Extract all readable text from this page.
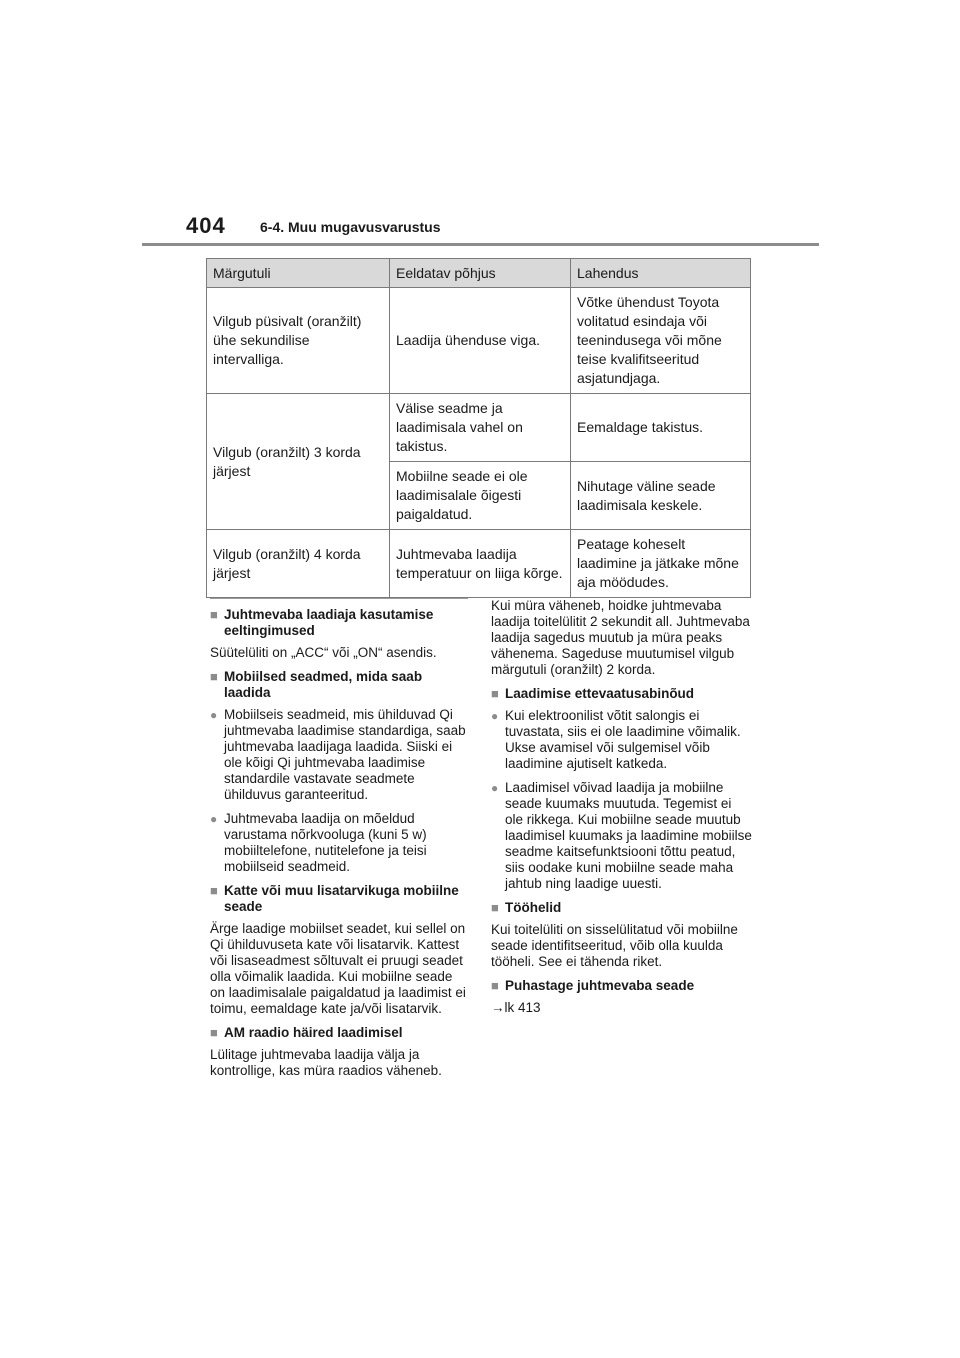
404 6-4. Muu mugavusvarustus
Märgutuli	Eeldatav põhjus	Lahendus
Vilgub püsivalt (oranžilt) ühe sekundilise intervalliga.	Laadija ühenduse viga.	Võtke ühendust Toyota volitatud esindaja või teenindusega või mõne teise kvalifitseeritud asjatundjaga.
Vilgub (oranžilt) 3 korda järjest	Välise seadme ja laadimisala vahel on takistus.	Eemaldage takistus.
	Mobiilne seade ei ole laadimisalale õigesti paigaldatud.	Nihutage väline seade laadimisala keskele.
Vilgub (oranžilt) 4 korda järjest	Juhtmevaba laadija temperatuur on liiga kõrge.	Peatage koheselt laadimine ja jätkake mõne aja möödudes.
■ Juhtmevaba laadiaja kasutamise eeltingimused

Süütelüliti on „ACC“ või „ON“ asendis.

■ Mobiilsed seadmed, mida saab laadida
● Mobiilseis seadmeid, mis ühilduvad Qi juhtmevaba laadimise standardiga, saab juhtmevaba laadijaga laadida. Siiski ei ole kõigi Qi juhtmevaba laadimise standardile vastavate seadmete ühilduvus garanteeritud.
● Juhtmevaba laadija on mõeldud varustama nõrkvooluga (kuni 5 w) mobiiltelefone, nutitelefone ja teisi mobiilseid seadmeid.
■ Katte või muu lisatarvikuga mobiilne seade

Ärge laadige mobiilset seadet, kui sellel on Qi ühilduvuseta kate või lisatarvik. Kattest või lisaseadmest sõltuvalt ei pruugi seadet olla võimalik laadida. Kui mobiilne seade on laadimisalale paigaldatud ja laadimist ei toimu, eemaldage kate ja/või lisatarvik.

■ AM raadio häired laadimisel

Lülitage juhtmevaba laadija välja ja kontrollige, kas müra raadios väheneb.

Kui müra väheneb, hoidke juhtmevaba laadija toitelülitit 2 sekundit all. Juhtmevaba laadija sagedus muutub ja müra peaks vähenema. Sageduse muutumisel vilgub märgutuli (oranžilt) 2 korda.

■ Laadimise ettevaatusabinõud
● Kui elektroonilist võtit salongis ei tuvastata, siis ei ole laadimine võimalik. Ukse avamisel või sulgemisel võib laadimine ajutiselt katkeda.
● Laadimisel võivad laadija ja mobiilne seade kuumaks muutuda. Tegemist ei ole rikkega. Kui mobiilne seade muutub laadimisel kuumaks ja laadimine mobiilse seadme kaitsefunktsiooni tõttu peatud, siis oodake kuni mobiilne seade maha jahtub ning laadige uuesti.
■ Tööhelid

Kui toitelüliti on sisselülitatud või mobiilne seade identifitseeritud, võib olla kuulda tööheli. See ei tähenda riket.

■ Puhastage juhtmevaba seade

→lk 413
